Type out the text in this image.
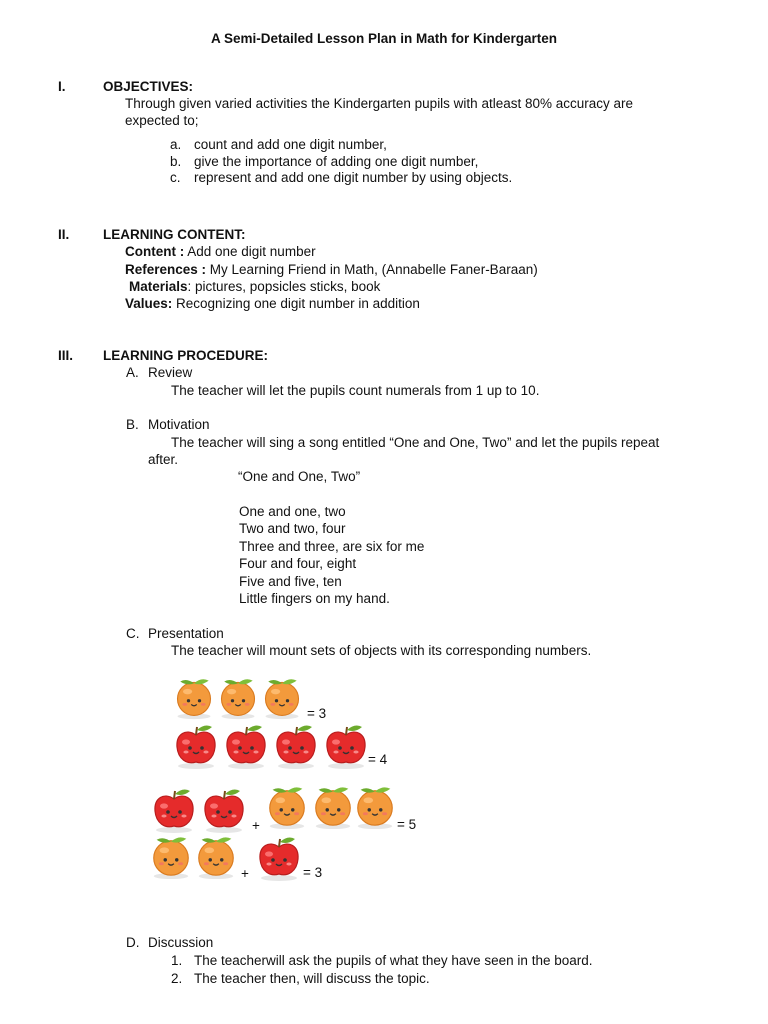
A Semi-Detailed Lesson Plan in Math for Kindergarten
I.	OBJECTIVES:
Through given varied activities the Kindergarten pupils with atleast 80% accuracy are
expected to;
a. count and add one digit number,
b. give the importance of adding one digit number,
c. represent and add one digit number by using objects.
II. LEARNING CONTENT:
Content : Add one digit number
References : My Learning Friend in Math, (Annabelle Faner-Baraan)
Materials: pictures, popsicles sticks, book
Values: Recognizing one digit number in addition
III. LEARNING PROCEDURE:
A. Review
The teacher will let the pupils count numerals from 1 up to 10.
B. Motivation
The teacher will sing a song entitled “One and One, Two” and let the pupils repeat
after.
“One and One, Two”
One and one, two
Two and two, four
Three and three, are six for me
Four and four, eight
Five and five, ten
Little fingers on my hand.
C. Presentation
The teacher will mount sets of objects with its corresponding numbers.
= 3
= 4
+	= 5
+	= 3
D. Discussion
1. The teacherwill ask the pupils of what they have seen in the board.
2. The teacher then, will discuss the topic.
